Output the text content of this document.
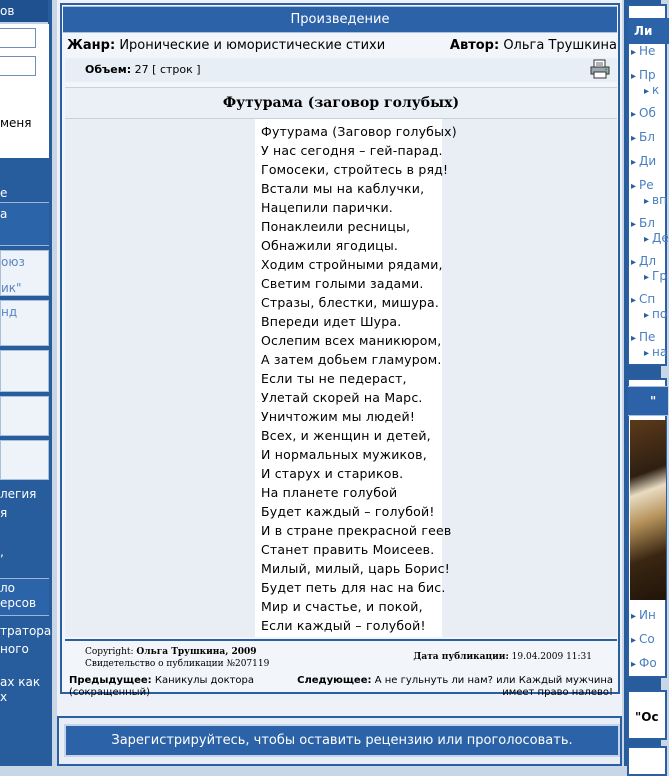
ов
меня
е
а
оюз
ик"
нд
легия
я
,
ло
ерсов
тратора
ного
ах как
х
Произведение
Жанр: Иронические и юмористические стихи	Автор: Ольга Трушкина
Объем: 27 [ строк ]
Футурама (заговор голубых)
Футурама (Заговор голубых)
У нас сегодня – гей-парад.
Гомосеки, стройтесь в ряд!
Встали мы на каблучки,
Нацепили парички.
Понаклеили ресницы,
Обнажили ягодицы.
Ходим стройными рядами,
Светим голыми задами.
Стразы, блестки, мишура.
Впереди идет Шура.
Ослепим всех маникюром,
А затем добьем гламуром.
Если ты не педераст,
Улетай скорей на Марс.
Уничтожим мы людей!
Всех, и женщин и детей,
И нормальных мужиков,
И старух и стариков.
На планете голубой
Будет каждый – голубой!
И в стране прекрасной геев
Станет править Моисеев.
Милый, милый, царь Борис!
Будет петь для нас на бис.
Мир и счастье, и покой,
Если каждый – голубой!
Copyright: Ольга Трушкина, 2009
Свидетельство о публикации №207119
Дата публикации: 19.04.2009 11:31
Предыдущее: Каникулы доктора (сокращенный)
Следующее: А не гульнуть ли нам? или Каждый мужчина имеет право налево!
Зарегистрируйтесь, чтобы оставить рецензию или проголосовать.
Ли
▸ Не
▸ Пр
▸ к
▸ Об
▸ Бл
▸ Ди
▸ Ре
▸ вп
▸ Бл
▸ Де
▸ Дл
▸ Гр
▸ Сп
▸ по
▸ Пе
▸ на
"
▸ Ин
▸ Со
▸ Фо
"Ос
